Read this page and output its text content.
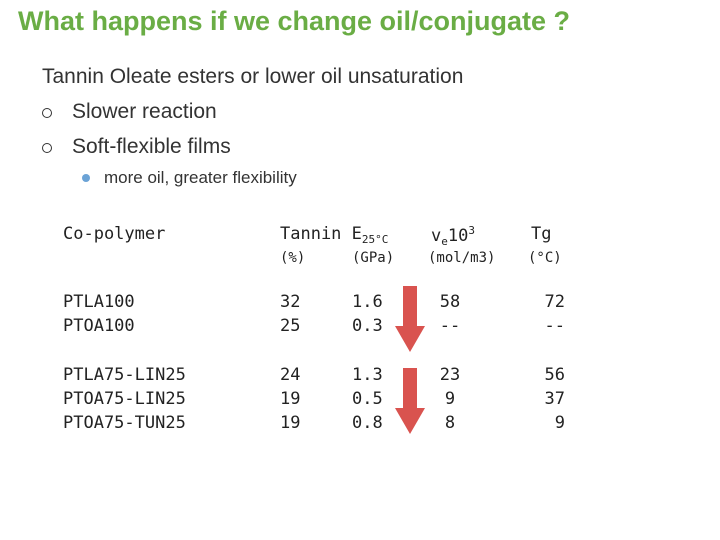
What happens if we change oil/conjugate ?
Tannin Oleate esters or lower oil unsaturation
Slower reaction
Soft-flexible films
more oil, greater flexibility
Co-polymer	Tannin $E_{25^\circ C}$
(%)	(GPa)
$v_e10^3$
(mol/m3)
Tg
(°C)
PTLA100
PTOA100
32
25
1.6
0.3
58
--
72
--
PTLA75-LIN25
PTOA75-LIN25
PTOA75-TUN25
24
19
19
1.3
0.5
0.8
23
9
8
56
37
9
